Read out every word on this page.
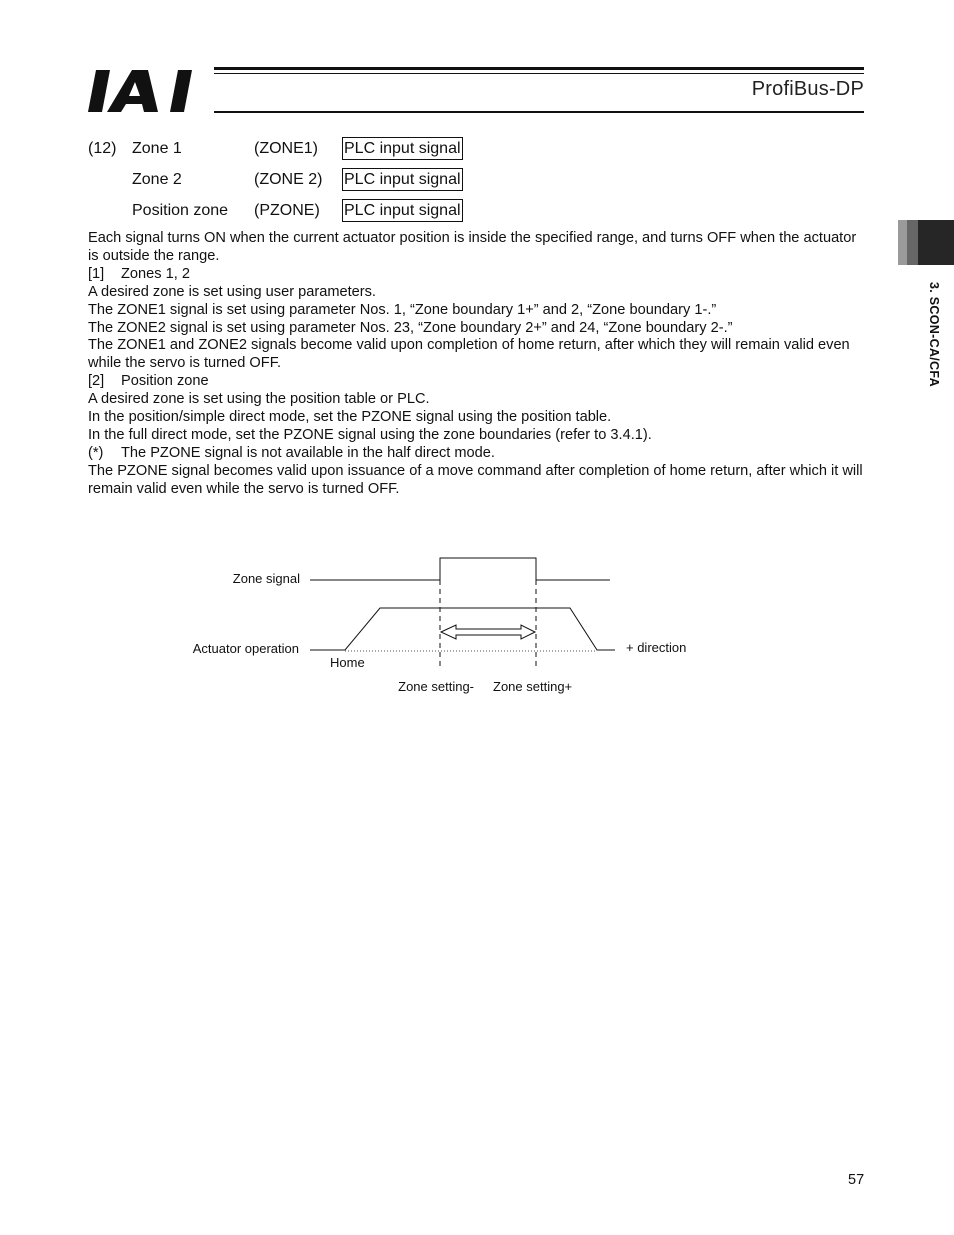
ProfiBus-DP
(12) Zone 1	(ZONE1) PLC input signal
Zone 2	(ZONE 2) PLC input signal
Position zone (PZONE) PLC input signal

Each signal turns ON when the current actuator position is inside the specified range, and turns OFF when the actuator is outside the range.

[1] Zones 1, 2

A desired zone is set using user parameters.

The ZONE1 signal is set using parameter Nos. 1, “Zone boundary 1+” and 2, “Zone boundary 1-.”

The ZONE2 signal is set using parameter Nos. 23, “Zone boundary 2+” and 24, “Zone boundary 2-.”

The ZONE1 and ZONE2 signals become valid upon completion of home return, after which they will remain valid even while the servo is turned OFF.

[2] Position zone

A desired zone is set using the position table or PLC.

In the position/simple direct mode, set the PZONE signal using the position table.

In the full direct mode, set the PZONE signal using the zone boundaries (refer to 3.4.1).

(*) The PZONE signal is not available in the half direct mode.

The PZONE signal becomes valid upon issuance of a move command after completion of home return, after which it will remain valid even while the servo is turned OFF.

Zone signal
Actuator operation
Home
+ direction
Zone setting- Zone setting+
3. SCON-CA/CFA
57
